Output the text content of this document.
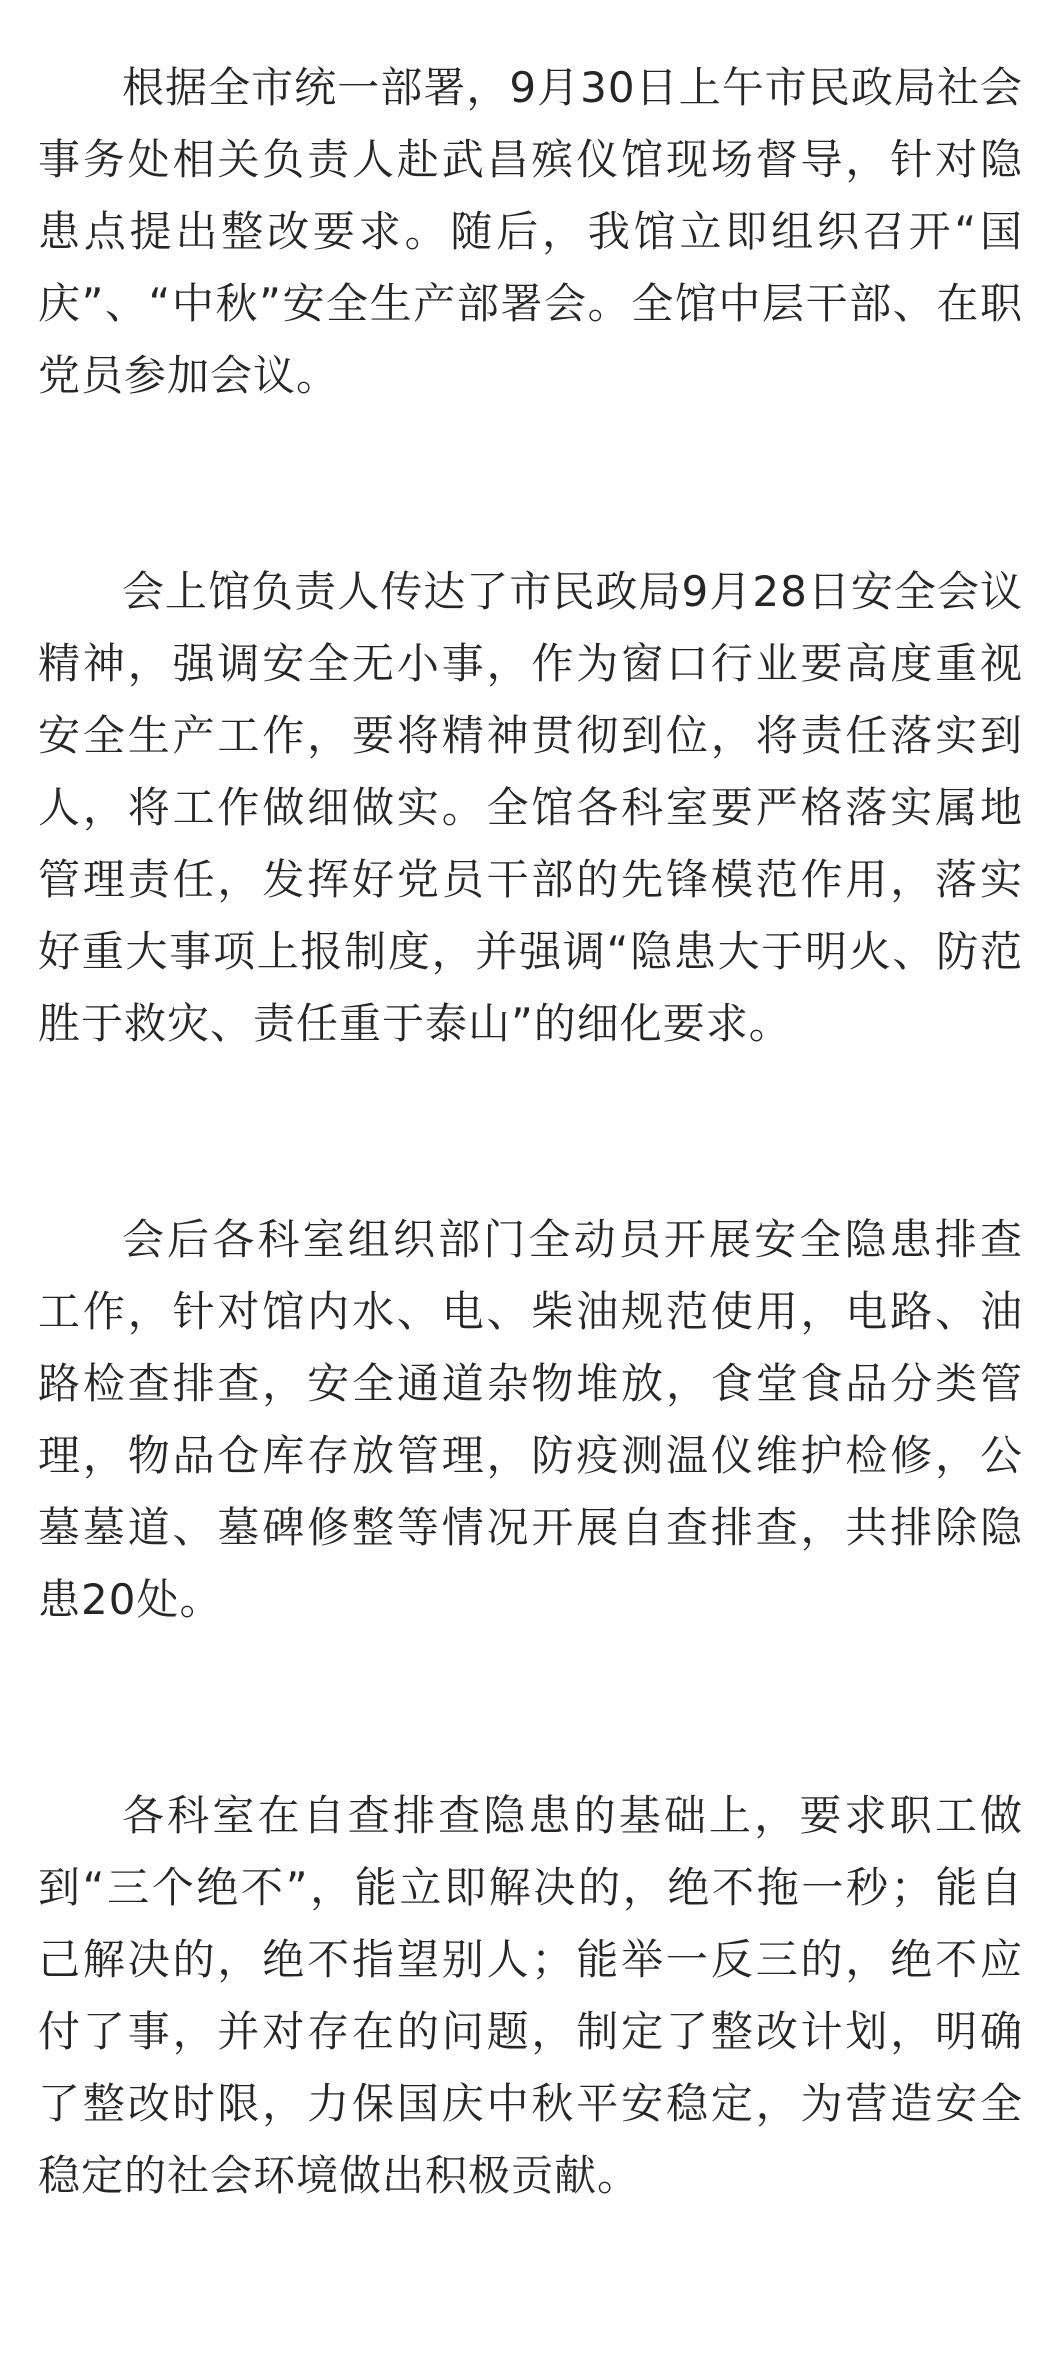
根据全市统一部署，9月30日上午市民政局社会事务处相关负责人赴武昌殡仪馆现场督导，针对隐患点提出整改要求。随后，我馆立即组织召开“国庆”、“中秋”安全生产部署会。全馆中层干部、在职党员参加会议。

会上馆负责人传达了市民政局9月28日安全会议精神，强调安全无小事，作为窗口行业要高度重视安全生产工作，要将精神贯彻到位，将责任落实到人，将工作做细做实。全馆各科室要严格落实属地管理责任，发挥好党员干部的先锋模范作用，落实好重大事项上报制度，并强调“隐患大于明火、防范胜于救灾、责任重于泰山”的细化要求。

会后各科室组织部门全动员开展安全隐患排查工作，针对馆内水、电、柴油规范使用，电路、油路检查排查，安全通道杂物堆放，食堂食品分类管理，物品仓库存放管理，防疫测温仪维护检修，公墓墓道、墓碑修整等情况开展自查排查，共排除隐患20处。

各科室在自查排查隐患的基础上，要求职工做到“三个绝不”，能立即解决的，绝不拖一秒；能自己解决的，绝不指望别人；能举一反三的，绝不应付了事，并对存在的问题，制定了整改计划，明确了整改时限，力保国庆中秋平安稳定，为营造安全稳定的社会环境做出积极贡献。
